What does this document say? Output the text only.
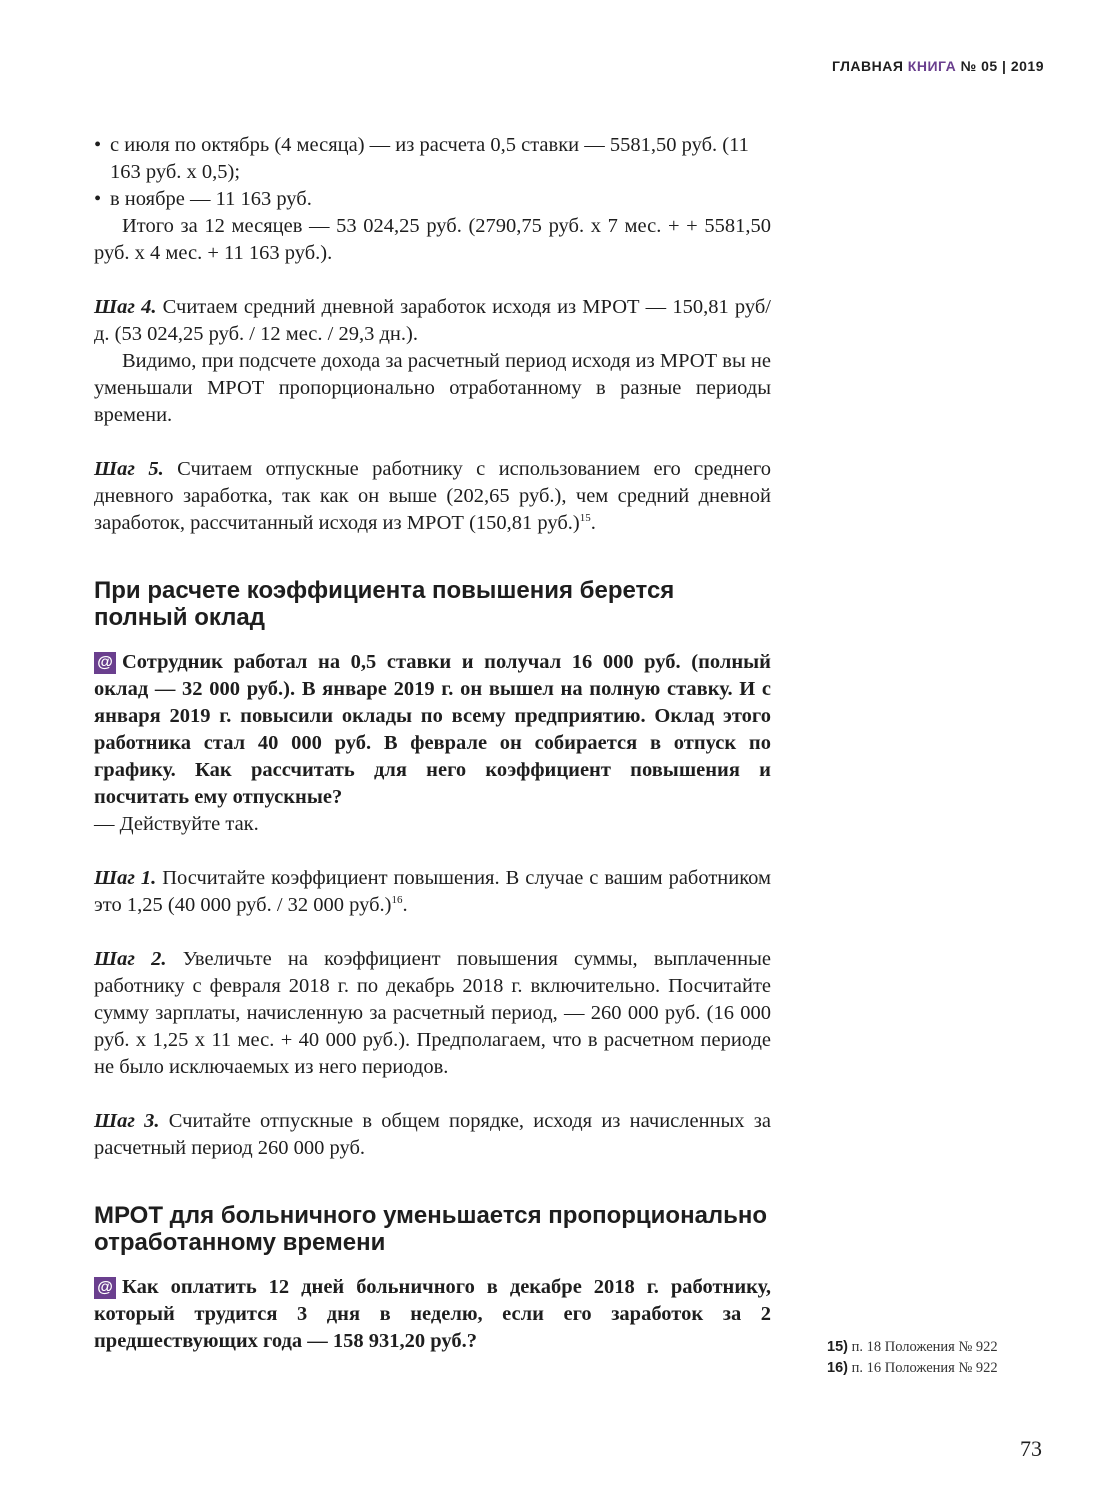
ГЛАВНАЯ КНИГА № 05 | 2019

• с июля по октябрь (4 месяца) — из расчета 0,5 ставки — 5581,50 руб. (11 163 руб. х 0,5);

• в ноябре — 11 163 руб.

Итого за 12 месяцев — 53 024,25 руб. (2790,75 руб. х 7 мес. + + 5581,50 руб. х 4 мес. + 11 163 руб.).

Шаг 4. Считаем средний дневной заработок исходя из МРОТ — 150,81 руб/д. (53 024,25 руб. / 12 мес. / 29,3 дн.).

Видимо, при подсчете дохода за расчетный период исходя из МРОТ вы не уменьшали МРОТ пропорционально отработанному в разные периоды времени.

Шаг 5. Считаем отпускные работнику с использованием его среднего дневного заработка, так как он выше (202,65 руб.), чем средний дневной заработок, рассчитанный исходя из МРОТ (150,81 руб.)$^{15}$.

При расчете коэффициента повышения берется полный оклад

@ Сотрудник работал на 0,5 ставки и получал 16 000 руб. (полный оклад — 32 000 руб.). В январе 2019 г. он вышел на полную ставку. И с января 2019 г. повысили оклады по всему предприятию. Оклад этого работника стал 40 000 руб. В феврале он собирается в отпуск по графику. Как рассчитать для него коэффициент повышения и посчитать ему отпускные?

— Действуйте так.

Шаг 1. Посчитайте коэффициент повышения. В случае с вашим работником это 1,25 (40 000 руб. / 32 000 руб.)$^{16}$.

Шаг 2. Увеличьте на коэффициент повышения суммы, выплаченные работнику с февраля 2018 г. по декабрь 2018 г. включительно. Посчитайте сумму зарплаты, начисленную за расчетный период, — 260 000 руб. (16 000 руб. х 1,25 х 11 мес. + 40 000 руб.). Предполагаем, что в расчетном периоде не было исключаемых из него периодов.

Шаг 3. Считайте отпускные в общем порядке, исходя из начисленных за расчетный период 260 000 руб.

МРОТ для больничного уменьшается пропорционально отработанному времени

@ Как оплатить 12 дней больничного в декабре 2018 г. работнику, который трудится 3 дня в неделю, если его заработок за 2 предшествующих года — 158 931,20 руб.?	15) п. 18 Положения № 922
16) п. 16 Положения № 922
73
